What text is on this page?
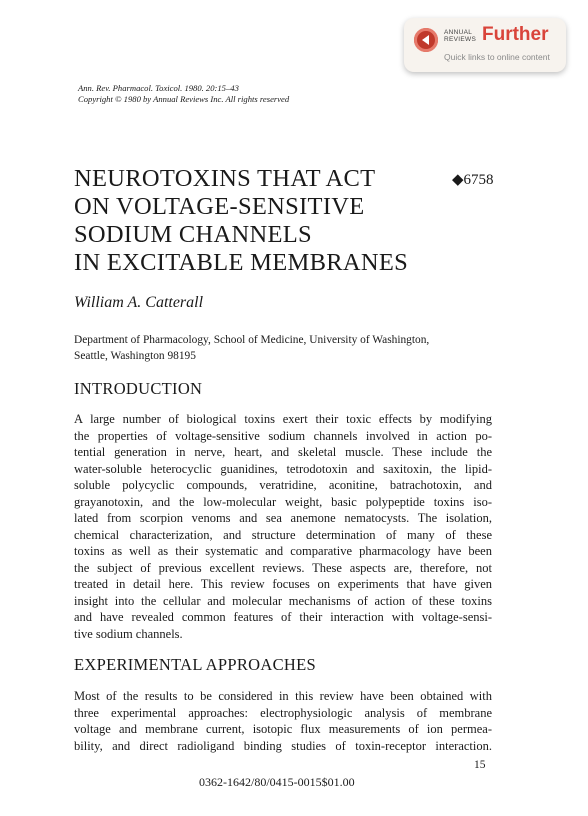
ANNUAL
REVIEWS Further
Quick links to online content
Ann. Rev. Pharmacol. Toxicol. 1980. 20:15–43
Copyright © 1980 by Annual Reviews Inc. All rights reserved
NEUROTOXINS THAT ACT
ON VOLTAGE-SENSITIVE
SODIUM CHANNELS
IN EXCITABLE MEMBRANES
◆6758
William A. Catterall
Department of Pharmacology, School of Medicine, University of Washington,
Seattle, Washington 98195
INTRODUCTION
A large number of biological toxins exert their toxic effects by modifying
the properties of voltage-sensitive sodium channels involved in action po-
tential generation in nerve, heart, and skeletal muscle. These include the
water-soluble heterocyclic guanidines, tetrodotoxin and saxitoxin, the lipid-
soluble polycyclic compounds, veratridine, aconitine, batrachotoxin, and
grayanotoxin, and the low-molecular weight, basic polypeptide toxins iso-
lated from scorpion venoms and sea anemone nematocysts. The isolation,
chemical characterization, and structure determination of many of these
toxins as well as their systematic and comparative pharmacology have been
the subject of previous excellent reviews. These aspects are, therefore, not
treated in detail here. This review focuses on experiments that have given
insight into the cellular and molecular mechanisms of action of these toxins
and have revealed common features of their interaction with voltage-sensi-
tive sodium channels.
EXPERIMENTAL APPROACHES
Most of the results to be considered in this review have been obtained with
three experimental approaches: electrophysiologic analysis of membrane
voltage and membrane current, isotopic flux measurements of ion permea-
bility, and direct radioligand binding studies of toxin-receptor interaction.
15
0362-1642/80/0415-0015$01.00
